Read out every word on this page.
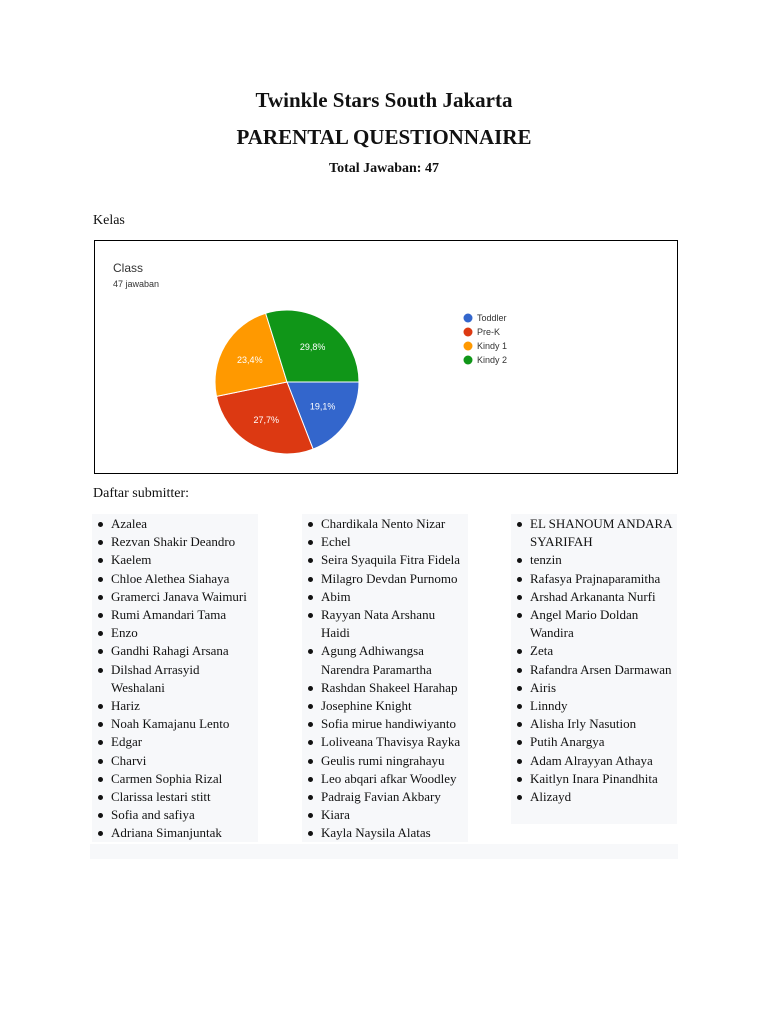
Twinkle Stars South Jakarta
PARENTAL QUESTIONNAIRE
Total Jawaban: 47
Kelas
Class
47 jawaban
19,1%
27,7%
23,4%
29,8%
Toddler
Pre-K
Kindy 1
Kindy 2
Daftar submitter:
Azalea
Rezvan Shakir Deandro
Kaelem
Chloe Alethea Siahaya
Gramerci Janava Waimuri
Rumi Amandari Tama
Enzo
Gandhi Rahagi Arsana
Dilshad Arrasyid Weshalani
Hariz
Noah Kamajanu Lento
Edgar
Charvi
Carmen Sophia Rizal
Clarissa lestari stitt
Sofia and safiya
Adriana Simanjuntak
Chardikala Nento Nizar
Echel
Seira Syaquila Fitra Fidela
Milagro Devdan Purnomo
Abim
Rayyan Nata Arshanu Haidi
Agung Adhiwangsa Narendra Paramartha
Rashdan Shakeel Harahap
Josephine Knight
Sofia mirue handiwiyanto
Loliveana Thavisya Rayka
Geulis rumi ningrahayu
Leo abqari afkar Woodley
Padraig Favian Akbary
Kiara
Kayla Naysila Alatas
EL SHANOUM ANDARA SYARIFAH
tenzin
Rafasya Prajnaparamitha
Arshad Arkananta Nurfi
Angel Mario Doldan Wandira
Zeta
Rafandra Arsen Darmawan
Airis
Linndy
Alisha Irly Nasution
Putih Anargya
Adam Alrayyan Athaya
Kaitlyn Inara Pinandhita
Alizayd
